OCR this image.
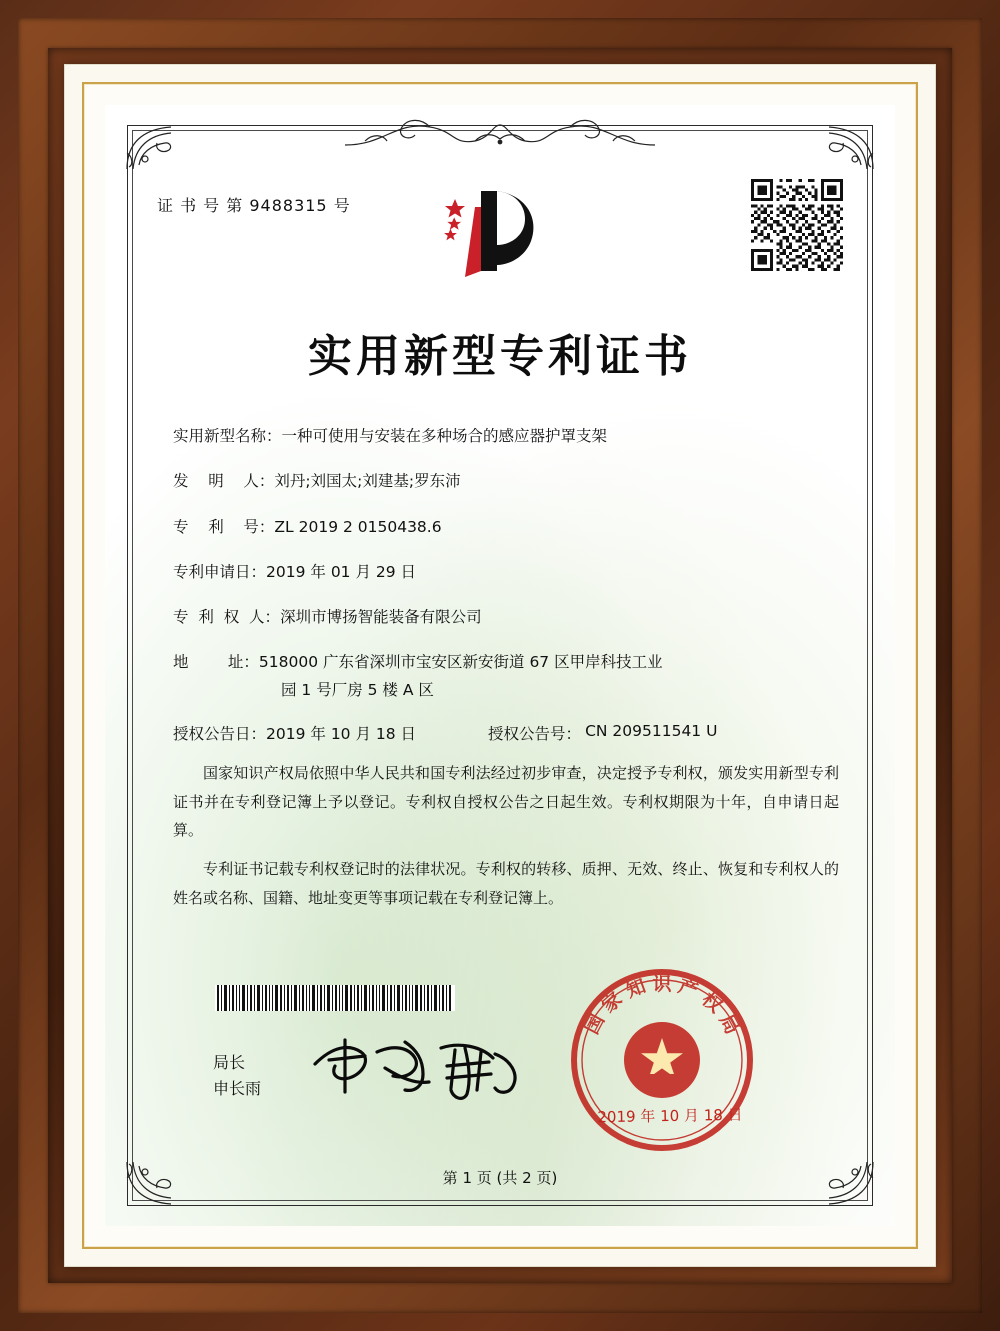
证 书 号 第 9488315 号
实用新型专利证书
实用新型名称： 一种可使用与安装在多种场合的感应器护罩支架
发    明    人： 刘丹;刘国太;刘建基;罗东沛
专    利    号： ZL 2019 2 0150438.6
专利申请日： 2019 年 01 月 29 日
专  利  权  人： 深圳市博扬智能装备有限公司
地        址： 518000 广东省深圳市宝安区新安街道 67 区甲岸科技工业
园 1 号厂房 5 楼 A 区
授权公告日： 2019 年 10 月 18 日	授权公告号： CN 209511541 U

国家知识产权局依照中华人民共和国专利法经过初步审查，决定授予专利权，颁发实用新型专利证书并在专利登记簿上予以登记。专利权自授权公告之日起生效。专利权期限为十年，自申请日起算。

专利证书记载专利权登记时的法律状况。专利权的转移、质押、无效、终止、恢复和专利权人的姓名或名称、国籍、地址变更等事项记载在专利登记簿上。

局长
申长雨
国
家
知 识 产
权
局
2019 年 10 月 18 日
第 1 页 (共 2 页)
